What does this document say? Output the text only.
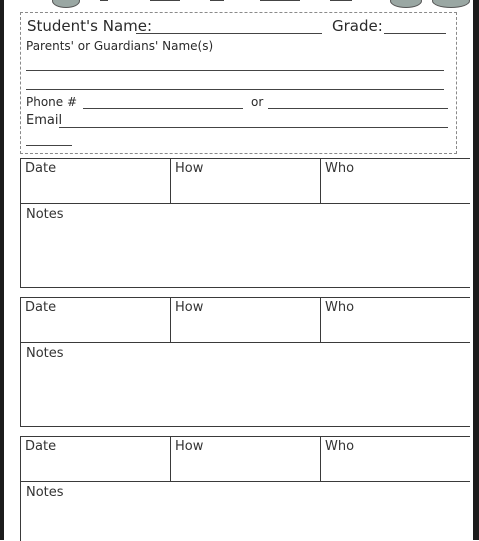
Student's Name:	Grade:
Parents' or Guardians' Name(s)
Phone #	or
Email
Date	How	Who
Notes
Date	How	Who
Notes
Date	How	Who
Notes
